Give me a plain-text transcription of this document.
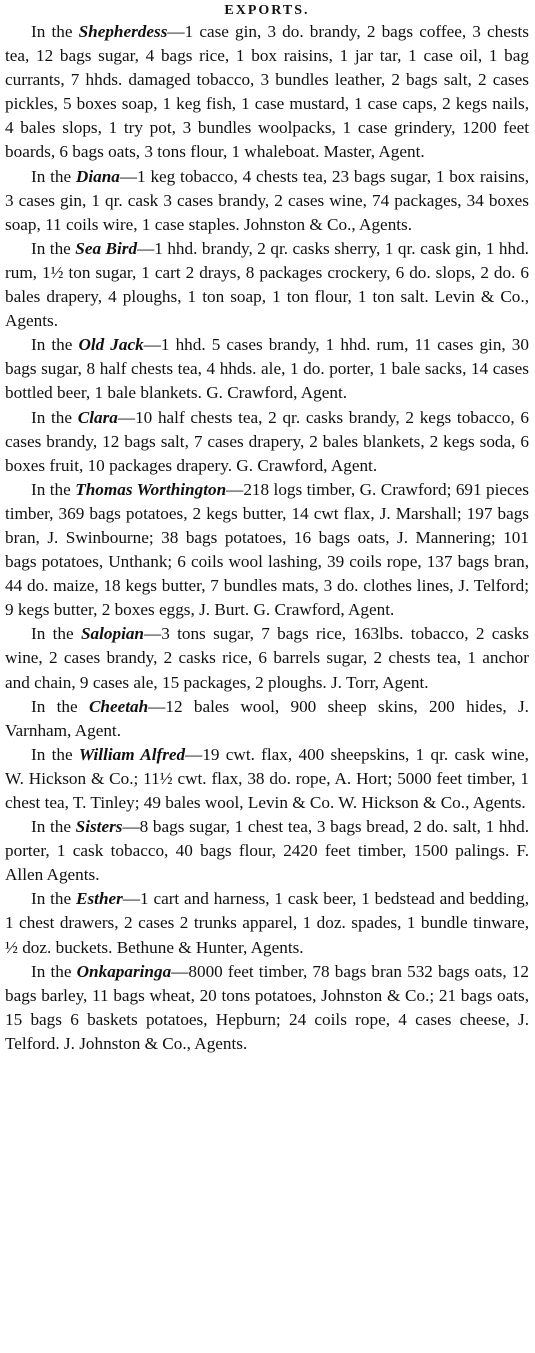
EXPORTS.

In the Shepherdess—1 case gin, 3 do. brandy, 2 bags coffee, 3 chests tea, 12 bags sugar, 4 bags rice, 1 box raisins, 1 jar tar, 1 case oil, 1 bag currants, 7 hhds. damaged tobacco, 3 bundles leather, 2 bags salt, 2 cases pickles, 5 boxes soap, 1 keg fish, 1 case mustard, 1 case caps, 2 kegs nails, 4 bales slops, 1 try pot, 3 bundles woolpacks, 1 case grindery, 1200 feet boards, 6 bags oats, 3 tons flour, 1 whaleboat. Master, Agent.

In the Diana—1 keg tobacco, 4 chests tea, 23 bags sugar, 1 box raisins, 3 cases gin, 1 qr. cask 3 cases brandy, 2 cases wine, 74 packages, 34 boxes soap, 11 coils wire, 1 case staples. Johnston & Co., Agents.

In the Sea Bird—1 hhd. brandy, 2 qr. casks sherry, 1 qr. cask gin, 1 hhd. rum, 1½ ton sugar, 1 cart 2 drays, 8 packages crockery, 6 do. slops, 2 do. 6 bales drapery, 4 ploughs, 1 ton soap, 1 ton flour, 1 ton salt. Levin & Co., Agents.

In the Old Jack—1 hhd. 5 cases brandy, 1 hhd. rum, 11 cases gin, 30 bags sugar, 8 half chests tea, 4 hhds. ale, 1 do. porter, 1 bale sacks, 14 cases bottled beer, 1 bale blankets. G. Crawford, Agent.

In the Clara—10 half chests tea, 2 qr. casks brandy, 2 kegs tobacco, 6 cases brandy, 12 bags salt, 7 cases drapery, 2 bales blankets, 2 kegs soda, 6 boxes fruit, 10 packages drapery. G. Crawford, Agent.

In the Thomas Worthington—218 logs timber, G. Crawford; 691 pieces timber, 369 bags potatoes, 2 kegs butter, 14 cwt flax, J. Marshall; 197 bags bran, J. Swinbourne; 38 bags potatoes, 16 bags oats, J. Mannering; 101 bags potatoes, Unthank; 6 coils wool lashing, 39 coils rope, 137 bags bran, 44 do. maize, 18 kegs butter, 7 bundles mats, 3 do. clothes lines, J. Telford; 9 kegs butter, 2 boxes eggs, J. Burt. G. Crawford, Agent.

In the Salopian—3 tons sugar, 7 bags rice, 163lbs. tobacco, 2 casks wine, 2 cases brandy, 2 casks rice, 6 barrels sugar, 2 chests tea, 1 anchor and chain, 9 cases ale, 15 packages, 2 ploughs. J. Torr, Agent.

In the Cheetah—12 bales wool, 900 sheep skins, 200 hides, J. Varnham, Agent.

In the William Alfred—19 cwt. flax, 400 sheepskins, 1 qr. cask wine, W. Hickson & Co.; 11½ cwt. flax, 38 do. rope, A. Hort; 5000 feet timber, 1 chest tea, T. Tinley; 49 bales wool, Levin & Co. W. Hickson & Co., Agents.

In the Sisters—8 bags sugar, 1 chest tea, 3 bags bread, 2 do. salt, 1 hhd. porter, 1 cask tobacco, 40 bags flour, 2420 feet timber, 1500 palings. F. Allen Agents.

In the Esther—1 cart and harness, 1 cask beer, 1 bedstead and bedding, 1 chest drawers, 2 cases 2 trunks apparel, 1 doz. spades, 1 bundle tinware, ½ doz. buckets. Bethune & Hunter, Agents.

In the Onkaparinga—8000 feet timber, 78 bags bran 532 bags oats, 12 bags barley, 11 bags wheat, 20 tons potatoes, Johnston & Co.; 21 bags oats, 15 bags 6 baskets potatoes, Hepburn; 24 coils rope, 4 cases cheese, J. Telford. J. Johnston & Co., Agents.
